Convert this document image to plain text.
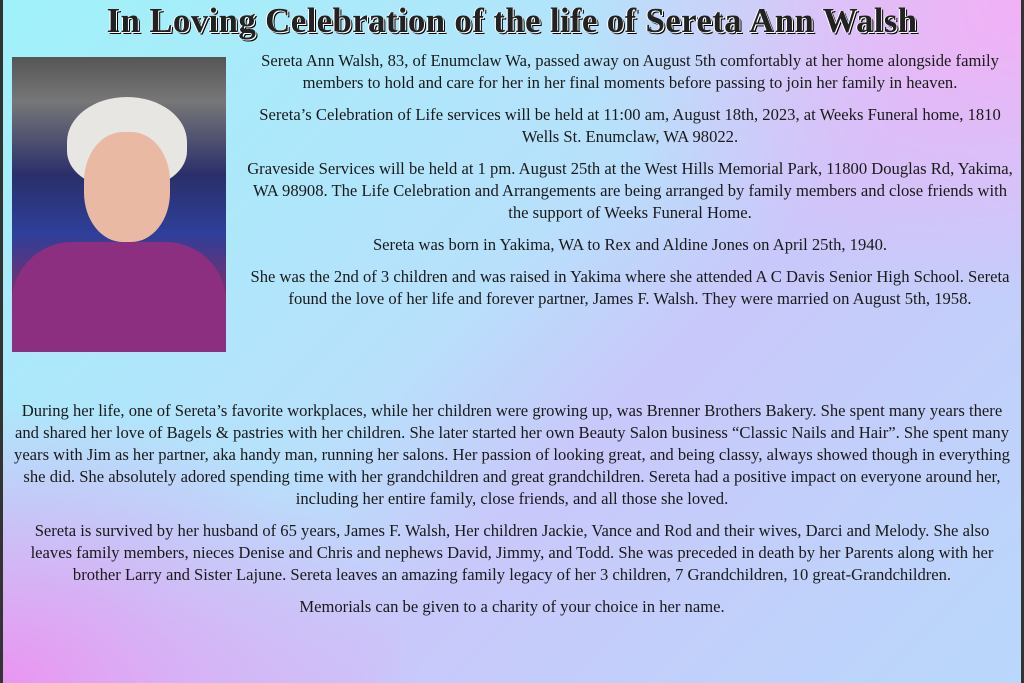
In Loving Celebration of the life of Sereta Ann Walsh

Sereta Ann Walsh, 83, of Enumclaw Wa, passed away on August 5th comfortably at her home alongside family members to hold and care for her in her final moments before passing to join her family in heaven.

Sereta’s Celebration of Life services will be held at 11:00 am, August 18th, 2023, at Weeks Funeral home, 1810 Wells St. Enumclaw, WA 98022.

Graveside Services will be held at 1 pm. August 25th at the West Hills Memorial Park, 11800 Douglas Rd, Yakima, WA 98908. The Life Celebration and Arrangements are being arranged by family members and close friends with the support of Weeks Funeral Home.

Sereta was born in Yakima, WA to Rex and Aldine Jones on April 25th, 1940.

She was the 2nd of 3 children and was raised in Yakima where she attended A C Davis Senior High School. Sereta found the love of her life and forever partner, James F. Walsh. They were married on August 5th, 1958.

During her life, one of Sereta’s favorite workplaces, while her children were growing up, was Brenner Brothers Bakery. She spent many years there and shared her love of Bagels & pastries with her children. She later started her own Beauty Salon business “Classic Nails and Hair”. She spent many years with Jim as her partner, aka handy man, running her salons. Her passion of looking great, and being classy, always showed though in everything she did. She absolutely adored spending time with her grandchildren and great grandchildren. Sereta had a positive impact on everyone around her, including her entire family, close friends, and all those she loved.

Sereta is survived by her husband of 65 years, James F. Walsh, Her children Jackie, Vance and Rod and their wives, Darci and Melody. She also leaves family members, nieces Denise and Chris and nephews David, Jimmy, and Todd. She was preceded in death by her Parents along with her brother Larry and Sister Lajune. Sereta leaves an amazing family legacy of her 3 children, 7 Grandchildren, 10 great-Grandchildren.

Memorials can be given to a charity of your choice in her name.
